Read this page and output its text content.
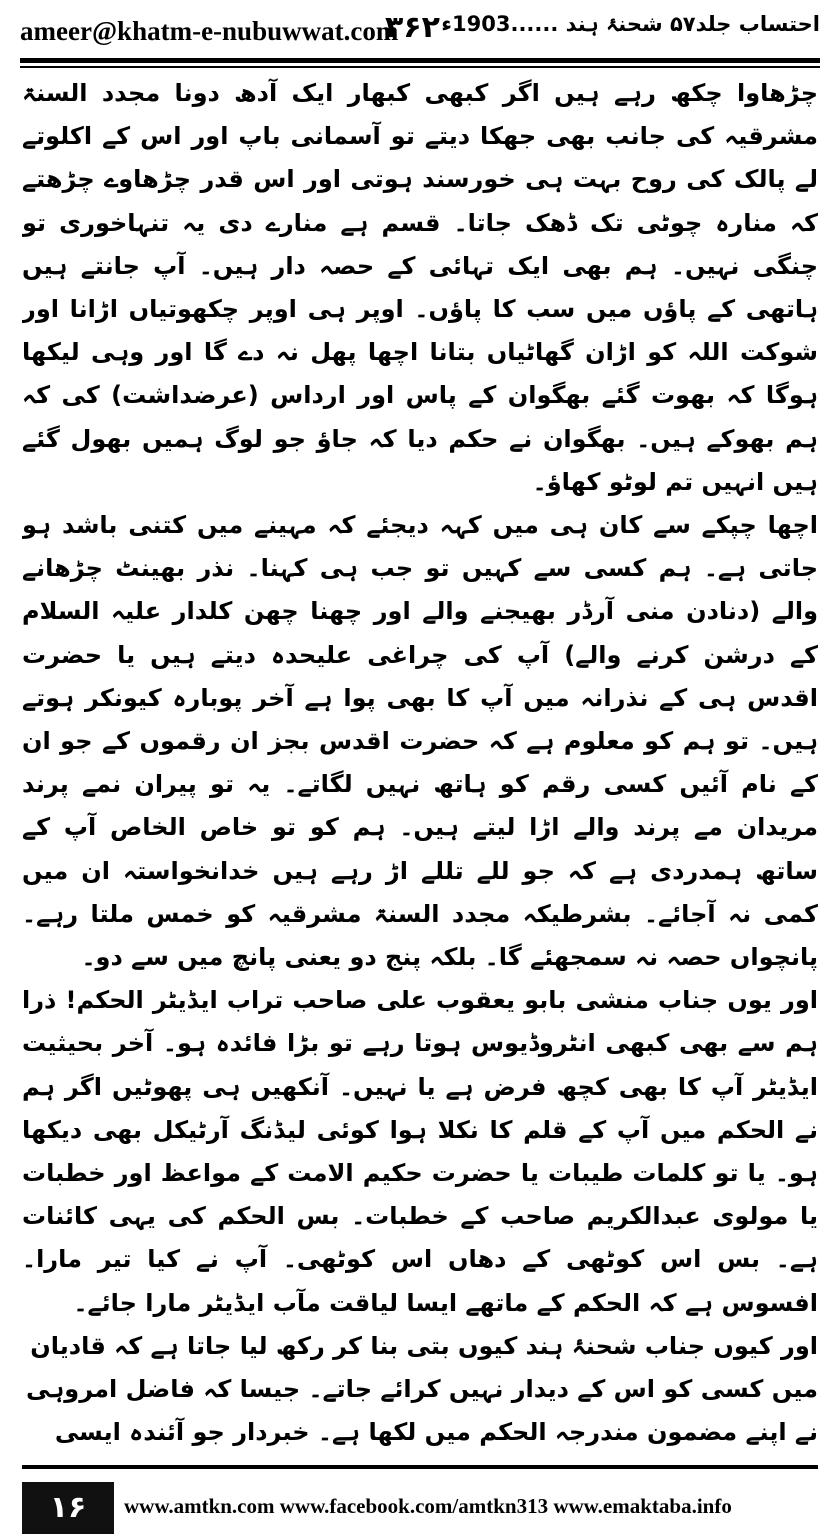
ameer@khatm-e-nubuwwat.com
۳۶۲ احتساب جلد۵۷ شحنۂ ہند ......1903ء

چڑھاوا چکھ رہے ہیں اگر کبھی کبھار ایک آدھ دونا مجدد السنۃ مشرقیہ کی جانب بھی جھکا دیتے تو آسمانی باپ اور اس کے اکلوتے لے پالک کی روح بہت ہی خورسند ہوتی اور اس قدر چڑھاوے چڑھتے کہ منارہ چوٹی تک ڈھک جاتا۔ قسم ہے منارے دی یہ تنہاخوری تو چنگی نہیں۔ ہم بھی ایک تہائی کے حصہ دار ہیں۔ آپ جانتے ہیں ہاتھی کے پاؤں میں سب کا پاؤں۔ اوپر ہی اوپر چکھوتیاں اڑانا اور شوکت اللہ کو اڑان گھاٹیاں بتانا اچھا پھل نہ دے گا اور وہی لیکھا ہوگا کہ بھوت گئے بھگوان کے پاس اور ارداس (عرضداشت) کی کہ ہم بھوکے ہیں۔ بھگوان نے حکم دیا کہ جاؤ جو لوگ ہمیں بھول گئے ہیں انہیں تم لوٹو کھاؤ۔

اچھا چپکے سے کان ہی میں کہہ دیجئے کہ مہینے میں کتنی باشد ہو جاتی ہے۔ ہم کسی سے کہیں تو جب ہی کہنا۔ نذر بھینٹ چڑھانے والے (دنادن منی آرڈر بھیجنے والے اور چھنا چھن کلدار علیہ السلام کے درشن کرنے والے) آپ کی چراغی علیحدہ دیتے ہیں یا حضرت اقدس ہی کے نذرانہ میں آپ کا بھی پوا ہے آخر پوبارہ کیونکر ہوتے ہیں۔ تو ہم کو معلوم ہے کہ حضرت اقدس بجز ان رقموں کے جو ان کے نام آئیں کسی رقم کو ہاتھ نہیں لگاتے۔ یہ تو پیران نمے پرند مریدان مے پرند والے اڑا لیتے ہیں۔ ہم کو تو خاص الخاص آپ کے ساتھ ہمدردی ہے کہ جو للے تللے اڑ رہے ہیں خدانخواستہ ان میں کمی نہ آجائے۔ بشرطیکہ مجدد السنۃ مشرقیہ کو خمس ملتا رہے۔ پانچواں حصہ نہ سمجھئے گا۔ بلکہ پنج دو یعنی پانچ میں سے دو۔

اور یوں جناب منشی بابو یعقوب علی صاحب تراب ایڈیٹر الحکم! ذرا ہم سے بھی کبھی انٹروڈیوس ہوتا رہے تو بڑا فائدہ ہو۔ آخر بحیثیت ایڈیٹر آپ کا بھی کچھ فرض ہے یا نہیں۔ آنکھیں ہی پھوٹیں اگر ہم نے الحکم میں آپ کے قلم کا نکلا ہوا کوئی لیڈنگ آرٹیکل بھی دیکھا ہو۔ یا تو کلمات طیبات یا حضرت حکیم الامت کے مواعظ اور خطبات یا مولوی عبدالکریم صاحب کے خطبات۔ بس الحکم کی یہی کائنات ہے۔ بس اس کوٹھی کے دھاں اس کوٹھی۔ آپ نے کیا تیر مارا۔ افسوس ہے کہ الحکم کے ماتھے ایسا لیاقت مآب ایڈیٹر مارا جائے۔

اور کیوں جناب شحنۂ ہند کیوں بتی بنا کر رکھ لیا جاتا ہے کہ قادیان میں کسی کو اس کے دیدار نہیں کرائے جاتے۔ جیسا کہ فاضل امروہی نے اپنے مضمون مندرجہ الحکم میں لکھا ہے۔ خبردار جو آئندہ ایسی

۱۶	www.amtkn.com www.facebook.com/amtkn313 www.emaktaba.info
